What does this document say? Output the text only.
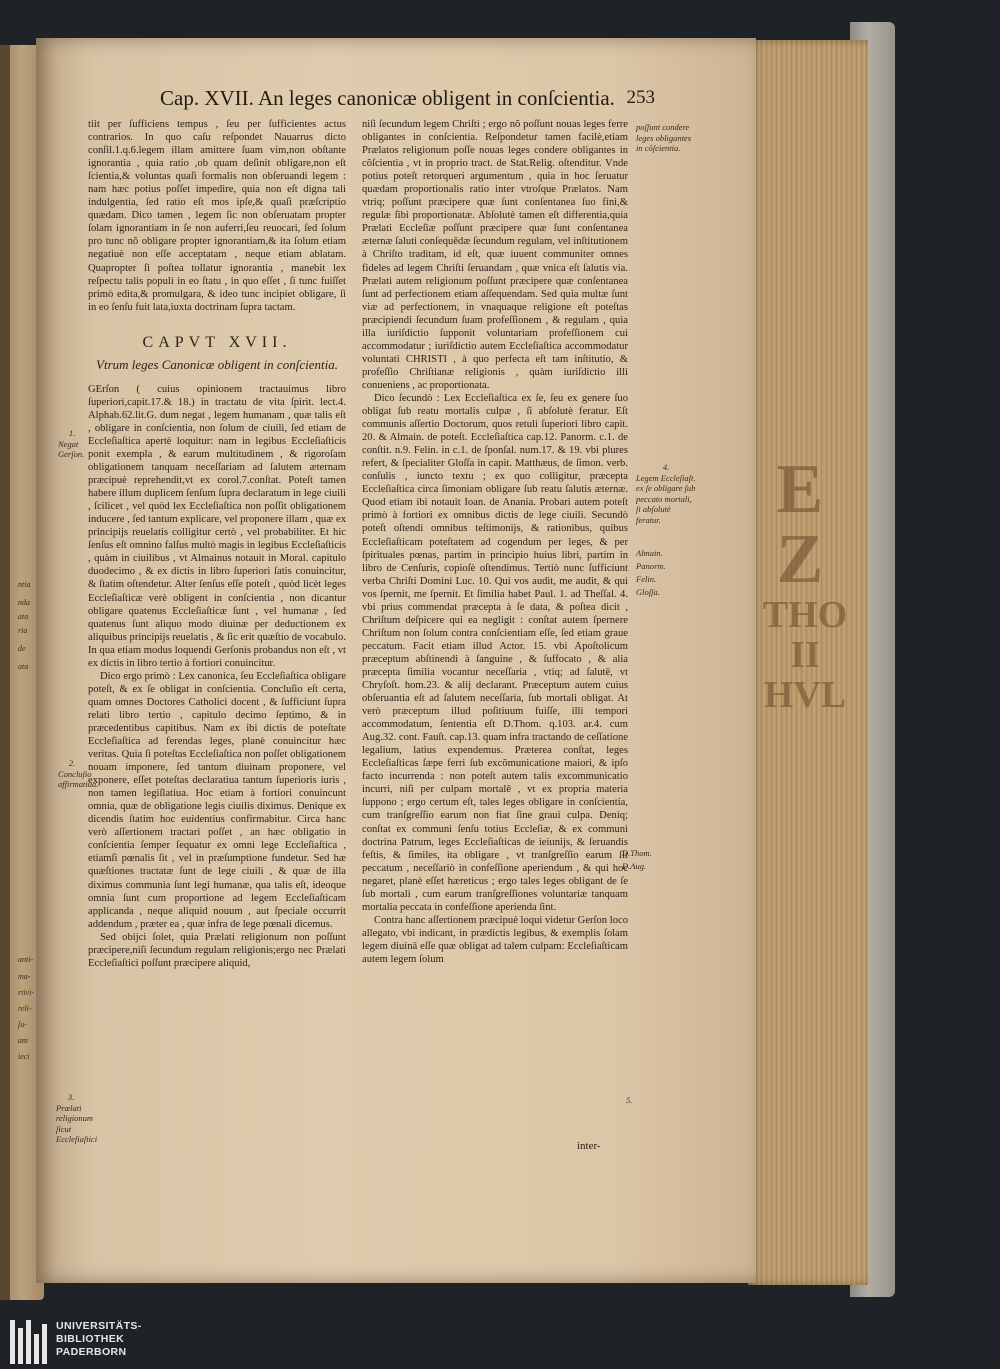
ntia
nda
ata
ria
de
ata
anti-
ma-
rtivi-
reli-
ſu-
am
ieci
E Z
THO
II
HVL
Cap. XVII. An leges canonicæ obligent in conſcientia. 253

tiit per ſufficiens tempus , ſeu per ſufficientes actus contrarios. In quo caſu reſpondet Nauarrus dicto conſil.1.q.6.legem illam amittere ſuam vim,non obſtante ignorantia , quia ratio ,ob quam deſinit obligare,non eſt ſcientia,& voluntas quaſi formalis non obſeruandi legem : nam hæc potius poſſet impedire, quia non eſt digna tali indulgentia, ſed ratio eſt mos ipſe,& quaſi præſcriptio quædam. Dico tamen , legem ſic non obſeruatam propter ſolam ignorantiam in ſe non auferri,ſeu reuocari, ſed ſolum pro tunc nõ obligare propter ignorantiam,& ita ſolum etiam negatiuè non eſſe acceptatam , neque etiam ablatam. Quapropter ſi poſtea tollatur ignorantia , manebit lex reſpectu talis populi in eo ſtatu , in quo eſſet , ſi tunc fuiſſet primò edita,& promulgara, & ideo tunc incipiet obligare, ſi in eo ſenſu fuit lata,iuxta doctrinam ſupra tactam.

CAPVT XVII.

Vtrum leges Canonicæ obligent in conſcientia.

GErſon ( cuius opinionem tractauimus libro ſuperiori,capit.17.& 18.) in tractatu de vita ſpirit. lect.4. Alphab.62.lit.G. dum negat , legem humanam , quæ talis eſt , obligare in conſcientia, non ſolum de ciuili, ſed etiam de Eccleſiaſtica apertè loquitur: nam in legibus Eccleſiaſticis ponit exempla , & earum multitudinem , & rigoroſam obligationem tanquam neceſſariam ad ſalutem æternam præcipuè reprehendit,vt ex corol.7.conſtat. Poteſt tamen habere illum duplicem ſenſum ſupra declaratum in lege ciuili , ſcilicet , vel quòd lex Eccleſiaſtica non poſſit obligationem inducere , ſed tantum explicare, vel proponere illam , quæ ex principijs reuelatis colligitur certò , vel probabiliter. Et hic ſenſus eſt omnino falſus multò magis in legibus Eccleſiaſticis , quàm in ciuilibus , vt Almainus notauit in Moral. capitulo duodecimo , & ex dictis in libro ſuperiori ſatis conuincitur, & ſtatim oſtendetur. Alter ſenſus eſſe poteſt , quòd licèt leges Eccleſiaſticæ verè obligent in conſcientia , non dicantur obligare quatenus Eccleſiaſticæ ſunt , vel humanæ , ſed quatenus ſunt aliquo modo diuinæ per deductionem ex aliquibus principijs reuelatis , & ſic erit quæſtio de vocabulo. In qua etiam modus loquendi Gerſonis probandus non eſt , vt ex dictis in libro tertio à fortiori conuincitur.

Dico ergo primò : Lex canonica, ſeu Eccleſiaſtica obligare poteſt, & ex ſe obligat in conſcientia. Concluſio eſt certa, quam omnes Doctores Catholici docent , & ſufficiunt ſupra relati libro tertio , capitulo decimo ſeptimo, & in præcedentibus capitibus. Nam ex ibi dictis de poteſtate Eccleſiaſtica ad ferendas leges, planè conuincitur hæc veritas. Quia ſi poteſtas Eccleſiaſtica non poſſet obligationem nouam imponere, ſed tantum diuinam proponere, vel exponere, eſſet poteſtas declaratiua tantum ſuperioris iuris , non tamen legiſlatiua. Hoc etiam à fortiori conuincunt omnia, quæ de obligatione legis ciuilis diximus. Denique ex dicendis ſtatim hoc euidentius confirmabitur. Circa hanc verò aſſertionem tractari poſſet , an hæc obligatio in conſcientia ſemper ſequatur ex omni lege Eccleſiaſtica , etiamſi pœnalis ſit , vel in præſumptione fundetur. Sed hæ quæſtiones tractatæ ſunt de lege ciuili , & quæ de illa diximus communia ſunt legi humanæ, qua talis eſt, ideoque omnia ſunt cum proportione ad legem Eccleſiaſticam applicanda , neque aliquid nouum , aut ſpeciale occurrit addendum , præter ea , quæ infra de lege pœnali dicemus.

Sed obijci ſolet, quia Prælati religionum non poſſunt præcipere,niſi ſecundum regulam religionis;ergo nec Prælati Eccleſiaſtici poſſunt præcipere aliquid,

niſi ſecundum legem Chriſti ; ergo nõ poſſunt nouas leges ferre obligantes in conſcientia. Reſpondetur tamen facilè,etiam Prælatos religionum poſſe nouas leges condere obligantes in cõſcientia , vt in proprio tract. de Stat.Relig. oſtenditur. Vnde potius poteſt retorqueri argumentum , quia in hoc ſeruatur quædam proportionalis ratio inter vtroſque Prælatos. Nam vtriq; poſſunt præcipere quæ ſunt conſentanea ſuo fini,& regulæ ſibi proportionatæ. Abſolutè tamen eſt differentia,quia Prælati Eccleſiæ poſſunt præcipere quæ ſunt conſentanea æternæ ſaluti conſequēdæ ſecundum regulam, vel inſtitutionem à Chriſto traditam, id eſt, quæ iuuent communiter omnes fideles ad legem Chriſti ſeruandam , quæ vnica eſt ſalutis via. Prælati autem religionum poſſunt præcipere quæ conſentanea ſunt ad perfectionem etiam aſſequendam. Sed quia multæ ſunt viæ ad perfectionem, in vnaquaque religione eſt poteſtas præcipiendi ſecundum ſuam profeſſionem , & regulam , quia illa iuriſdictio ſupponit voluntariam profeſſionem cui accommodatur ; iuriſdictio autem Eccleſiaſtica accommodatur voluntati CHRISTI , à quo perfecta eſt tam inſtitutio, & profeſſio Chriſtianæ religionis , quàm iuriſdictio illi conueniens , ac proportionata.

Dico ſecundò : Lex Eccleſiaſtica ex ſe, ſeu ex genere ſuo obligat ſub reatu mortalis culpæ , ſi abſolutè feratur. Eſt communis aſſertio Doctorum, quos retuli ſuperiori libro capit. 20. & Almain. de poteſt. Eccleſiaſtica cap.12. Panorm. c.1. de conſtit. n.9. Felin. in c.1. de ſponſal. num.17. & 19. vbi plures refert, & ſpecialiter Gloſſa in capit. Matthæus, de ſimon. verb. conſulis , iuncto textu ; ex quo colligitur, præcepta Eccleſiaſtica circa ſimoniam obligare ſub reatu ſalutis æternæ. Quod etiam ibi notauit Ioan. de Anania. Probari autem poteſt primò à fortiori ex omnibus dictis de lege ciuili. Secundò poteſt oſtendi omnibus teſtimonijs, & rationibus, quibus Eccleſiaſticam poteſtatem ad cogendum per leges, & per ſpirituales pœnas, partim in principio huius libri, partim in libro de Cenſuris, copioſè oſtendimus. Tertiò nunc ſufficiunt verba Chriſti Domini Luc. 10. Qui vos audit, me audit, & qui vos ſpernit, me ſpernit. Et ſimilia habet Paul. 1. ad Theſſal. 4. vbi prius commendat præcepta à ſe data, & poſtea dicit , Chriſtum deſpicere qui ea negligit : conſtat autem ſpernere Chriſtum non ſolum contra conſcientiam eſſe, ſed etiam graue peccatum. Facit etiam illud Actor. 15. vbi Apoſtolicum præceptum abſtinendi à ſanguine , & ſuffocato , & alia præcepta ſimilia vocantur neceſſaria , vtiq; ad ſalutē, vt Chryſoſt. hom.23. & alij declarant. Præceptum autem cuius obſeruantia eſt ad ſalutem neceſſaria, ſub mortali obligat. At verò præceptum illud poſitiuum fuiſſe, illi tempori accommodatum, ſententia eſt D.Thom. q.103. ar.4. cum Aug.32. cont. Fauſt. cap.13. quam infra tractando de ceſſatione legalium, latius expendemus. Præterea conſtat, leges Eccleſiaſticas ſæpe ferri ſub excõmunicatione maiori, & ipſo facto incurrenda : non poteſt autem talis excommunicatio incurri, niſi per culpam mortalē , vt ex propria materia ſuppono ; ergo certum eſt, tales leges obligare in conſcientia, cum tranſgreſſio earum non fiat ſine graui culpa. Deniq; conſtat ex communi ſenſu totius Eccleſiæ, & ex communi doctrina Patrum, leges Eccleſiaſticas de ieiunijs, & ſeruandis feſtis, & ſimiles, ita obligare , vt tranſgreſſio earum ſit peccatum , neceſſariò in confeſſione aperiendum , & qui hoc negaret, planè eſſet hæreticus ; ergo tales leges obligant de ſe ſub mortali , cum earum tranſgreſſiones voluntariæ tanquam mortalia peccata in confeſſione aperienda ſint.

Contra hanc aſſertionem præcipuè loqui videtur Gerſon loco allegato, vbi indicant, in prædictis legibus, & exemplis ſolam legem diuinā eſſe quæ obligat ad talem culpam: Eccleſiaſticam autem legem ſolum

inter-
1.
Negat Gerſon.
2.
Concluſio affirmatiua.
3.
Prælati religionum ſicut Eccleſiaſtici
poſſunt condere leges obligantes in cõſcientia.
4.
Legem Eccleſiaſt. ex ſe obligare ſub peccato mortali, ſi abſolutè feratur.
Almain.
Panorm.
Felin.
Gloſſa.
D.Thom.
D.Aug.
5.
UNIVERSITÄTS-
BIBLIOTHEK
PADERBORN
